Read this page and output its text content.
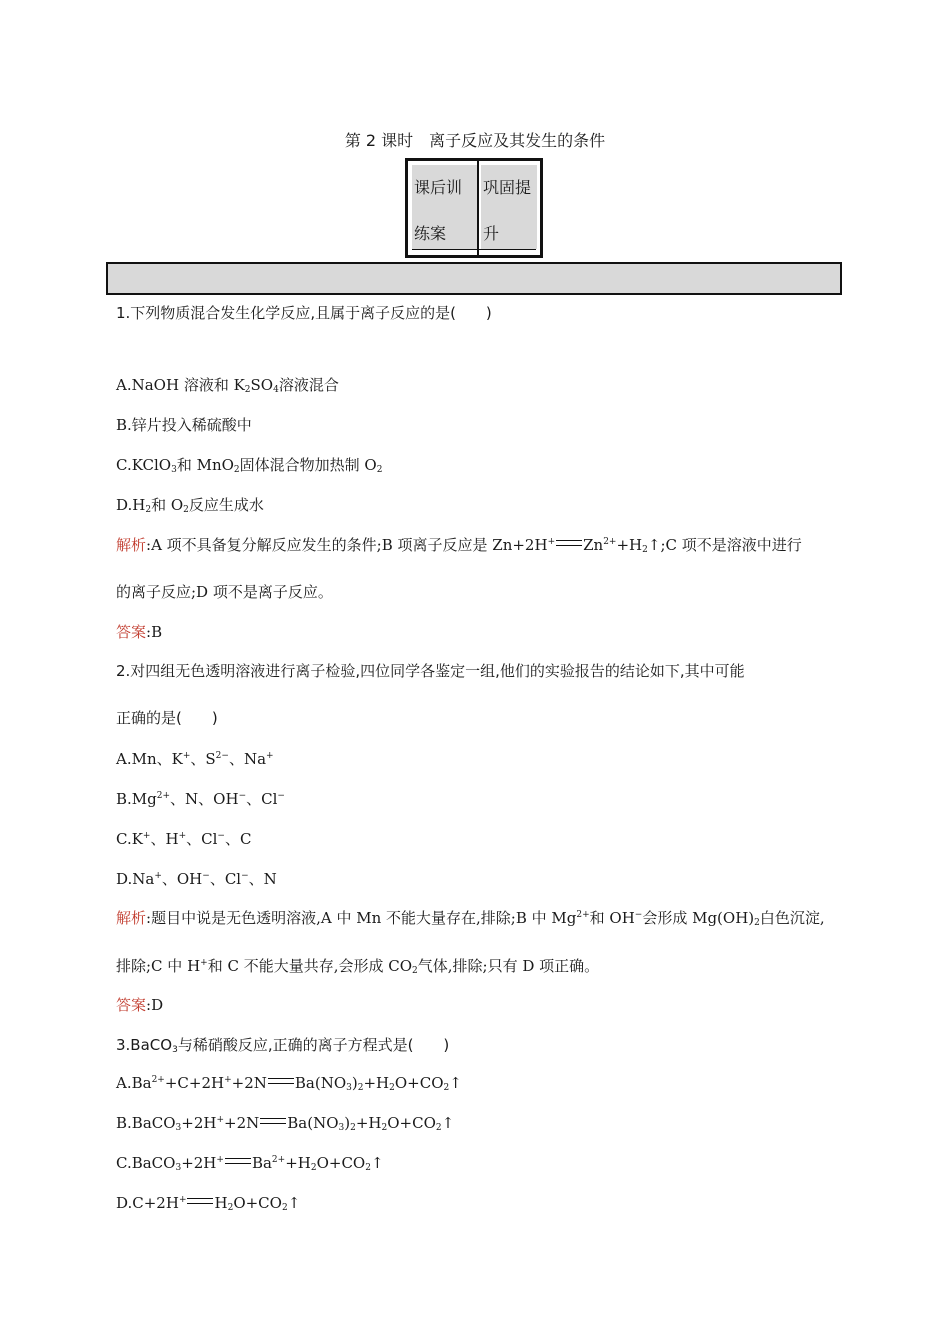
第 2 课时　离子反应及其发生的条件
课后训
练案
巩固提
升
1.下列物质混合发生化学反应,且属于离子反应的是(　　)
A.NaOH 溶液和 $K_2SO_4$溶液混合
B.锌片投入稀硫酸中
C.KClO$_3$和 MnO$_2$固体混合物加热制 $O_2$
$D.H_2$和 $O_2$反应生成水
解析:A 项不具备复分解反应发生的条件;B 项离子反应是 Zn+2H+ $Zn^{2+}+H_2↑;C$ 项不是溶液中进行
的离子反应;D 项不是离子反应。
答案:B
2.对四组无色透明溶液进行离子检验,四位同学各鉴定一组,他们的实验报告的结论如下,其中可能
正确的是(　　)
A.Mn、K+、$S^{2-}$、Na+
$B.Mg^{2+}$、N、OH−、Cl−
C.K+、H+、Cl−、C
D.Na+、OH−、Cl−、N
解析:题目中说是无色透明溶液,A 中 Mn 不能大量存在,排除;B 中 $Mg^{2+}$和 OH−会形成 $Mg(OH)_2$白色沉淀,
排除;C 中 H+和 C 不能大量共存,会形成 $CO_2$气体,排除;只有 D 项正确。
答案:D
3.BaCO$_3$与稀硝酸反应,正确的离子方程式是(　　)
$A.Ba^{2+}+C+2H^++2N$ $Ba(NO_3)_2+H_2O+CO_2↑$
B.BaCO$_3$+2H++2N $Ba(NO_3)_2+H_2O+CO_2↑$
C.BaCO$_3$+2H+ $Ba^{2+}+H_2O+CO_2↑$
D.C+2H+ $H_2O+CO_2↑$
